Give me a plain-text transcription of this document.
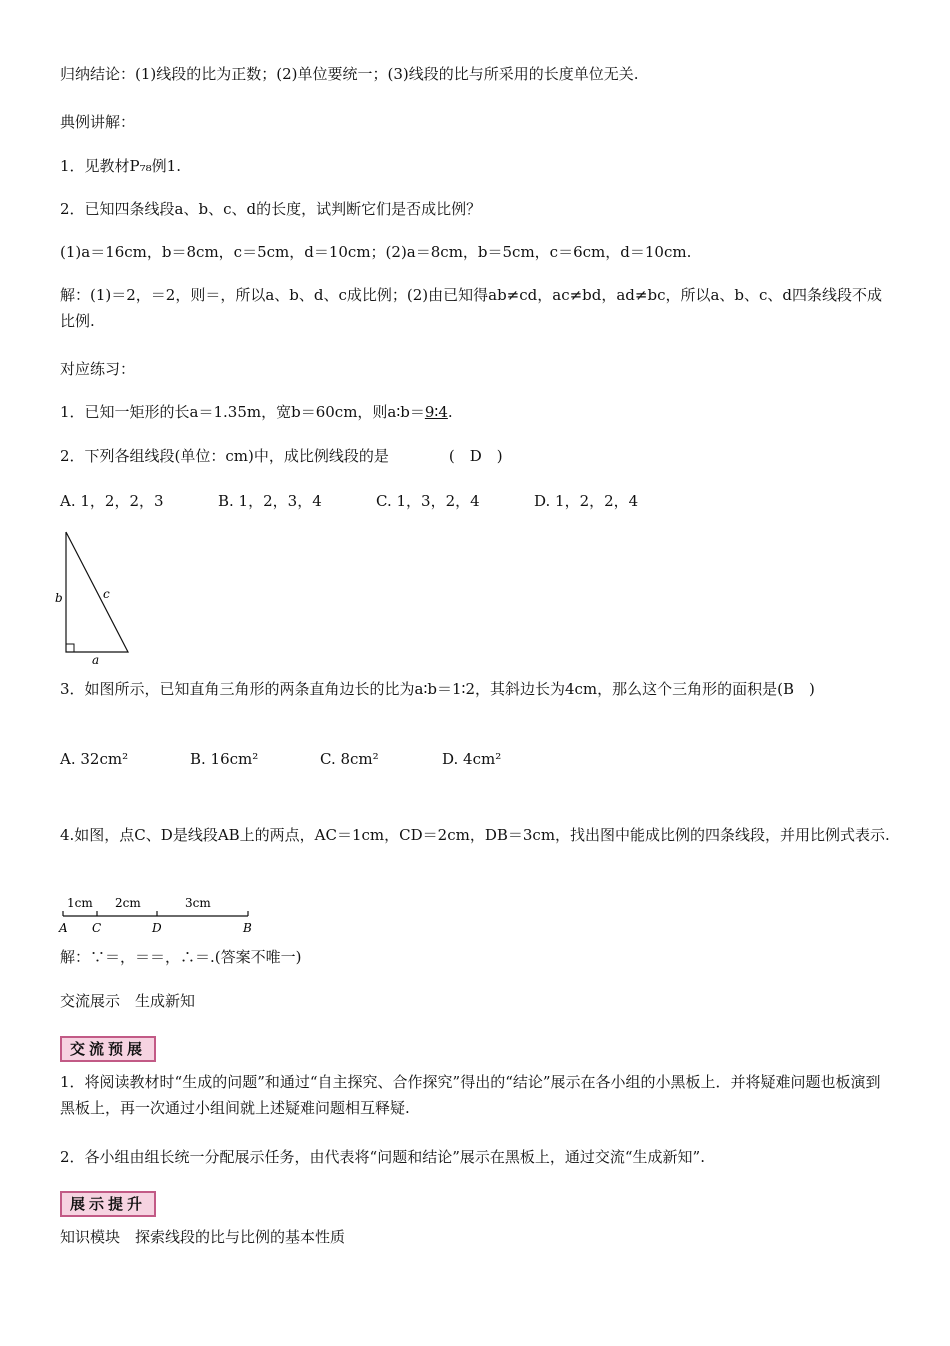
归纳结论：(1)线段的比为正数；(2)单位要统一；(3)线段的比与所采用的长度单位无关.
典例讲解：
1．见教材P₇₈例1.
2．已知四条线段a、b、c、d的长度，试判断它们是否成比例？
(1)a＝16cm，b＝8cm，c＝5cm，d＝10cm；(2)a＝8cm，b＝5cm，c＝6cm，d＝10cm.
解：(1)＝2，＝2，则＝，所以a、b、d、c成比例；(2)由已知得ab≠cd，ac≠bd，ad≠bc，所以a、b、c、d四条线段不成比例.
对应练习：
1．已知一矩形的长a＝1.35m，宽b＝60cm，则a∶b＝9∶4.
2．下列各组线段(单位：cm)中，成比例线段的是　　　　(　D　)
A. 1，2，2，3	B. 1，2，3，4	C. 1，3，2，4	D. 1，2，2，4
b	c
a
3．如图所示，已知直角三角形的两条直角边长的比为a∶b＝1∶2，其斜边长为4cm，那么这个三角形的面积是(B　)
A. 32cm²	B. 16cm²	C. 8cm²	D. 4cm²
4.如图，点C、D是线段AB上的两点，AC＝1cm，CD＝2cm，DB＝3cm，找出图中能成比例的四条线段，并用比例式表示.
1cm 2cm	3cm
A C	D	B
解：∵＝，＝＝，∴＝.(答案不唯一)
交流展示　生成新知
交流预展
1．将阅读教材时“生成的问题”和通过“自主探究、合作探究”得出的“结论”展示在各小组的小黑板上．并将疑难问题也板演到黑板上，再一次通过小组间就上述疑难问题相互释疑.
2．各小组由组长统一分配展示任务，由代表将“问题和结论”展示在黑板上，通过交流“生成新知”.
展示提升
知识模块　探索线段的比与比例的基本性质
